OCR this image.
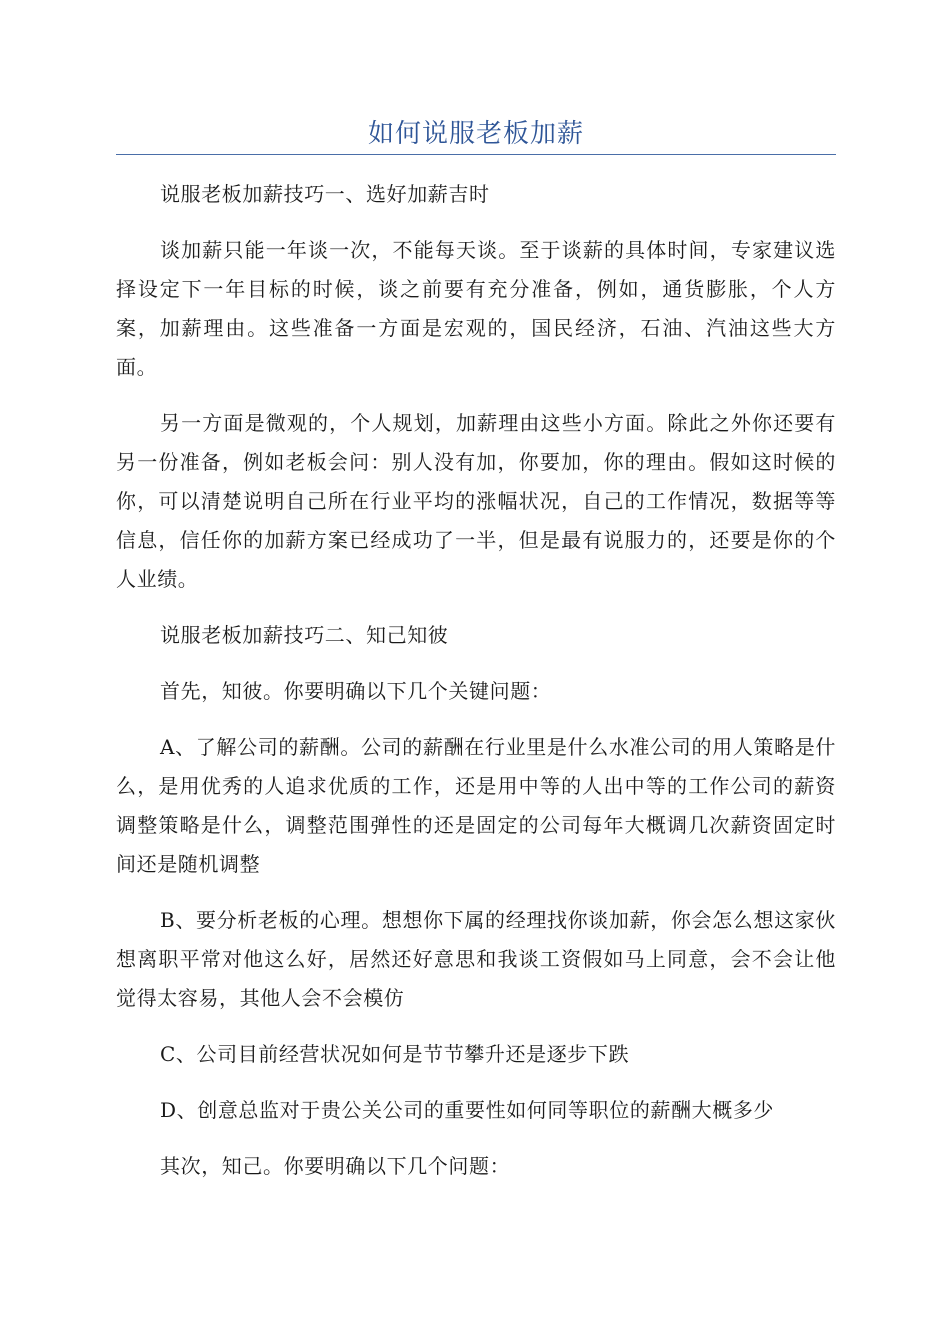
如何说服老板加薪

说服老板加薪技巧一、选好加薪吉时

谈加薪只能一年谈一次，不能每天谈。至于谈薪的具体时间，专家建议选择设定下一年目标的时候，谈之前要有充分准备，例如，通货膨胀，个人方案，加薪理由。这些准备一方面是宏观的，国民经济，石油、汽油这些大方面。

另一方面是微观的，个人规划，加薪理由这些小方面。除此之外你还要有另一份准备，例如老板会问：别人没有加，你要加，你的理由。假如这时候的你，可以清楚说明自己所在行业平均的涨幅状况，自己的工作情况，数据等等信息，信任你的加薪方案已经成功了一半，但是最有说服力的，还要是你的个人业绩。

说服老板加薪技巧二、知己知彼

首先，知彼。你要明确以下几个关键问题：

A、了解公司的薪酬。公司的薪酬在行业里是什么水准公司的用人策略是什么，是用优秀的人追求优质的工作，还是用中等的人出中等的工作公司的薪资调整策略是什么，调整范围弹性的还是固定的公司每年大概调几次薪资固定时间还是随机调整

B、要分析老板的心理。想想你下属的经理找你谈加薪，你会怎么想这家伙想离职平常对他这么好，居然还好意思和我谈工资假如马上同意，会不会让他觉得太容易，其他人会不会模仿

C、公司目前经营状况如何是节节攀升还是逐步下跌

D、创意总监对于贵公关公司的重要性如何同等职位的薪酬大概多少

其次，知己。你要明确以下几个问题：
